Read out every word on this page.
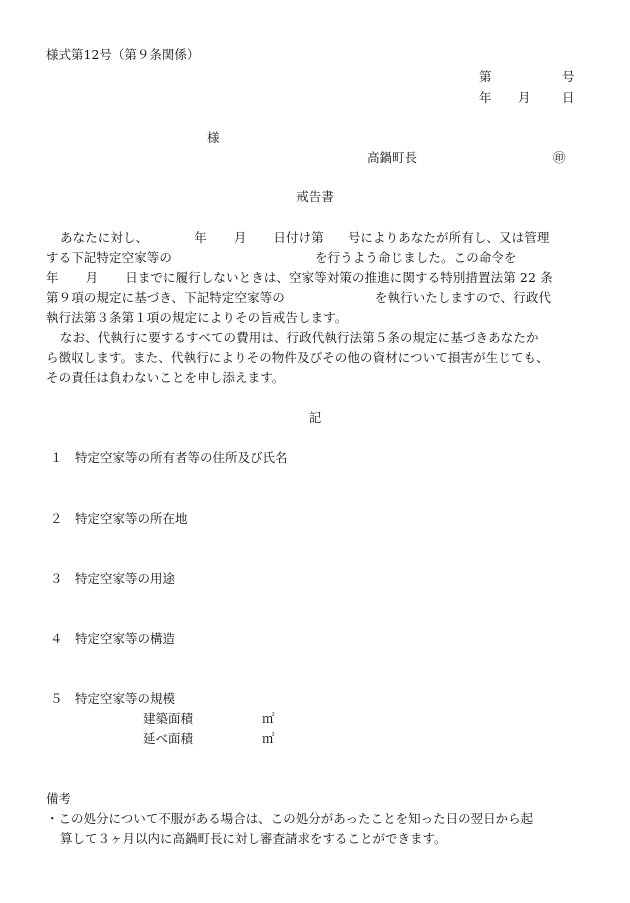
様式第12号（第９条関係）

第	号

年 月	日

様

高鍋町長	㊞

戒告書

あなたに対し、	年 月 日付け第 号によりあなたが所有し、又は管理

する下記特定空家等の	を行うよう命じました。この命令を

年 月 日までに履行しないときは、空家等対策の推進に関する特別措置法第 22 条

第９項の規定に基づき、下記特定空家等の	を執行いたしますので、行政代

執行法第３条第１項の規定によりその旨戒告します。

なお、代執行に要するすべての費用は、行政代執行法第５条の規定に基づきあなたか

ら徴収します。また、代執行によりその物件及びその他の資材について損害が生じても、

その責任は負わないことを申し添えます。

記

１ 特定空家等の所有者等の住所及び氏名

２ 特定空家等の所在地

３ 特定空家等の用途

４ 特定空家等の構造

５ 特定空家等の規模

建築面積	㎡

延べ面積	㎡

備考

・この処分について不服がある場合は、この処分があったことを知った日の翌日から起

算して３ヶ月以内に高鍋町長に対し審査請求をすることができます。
